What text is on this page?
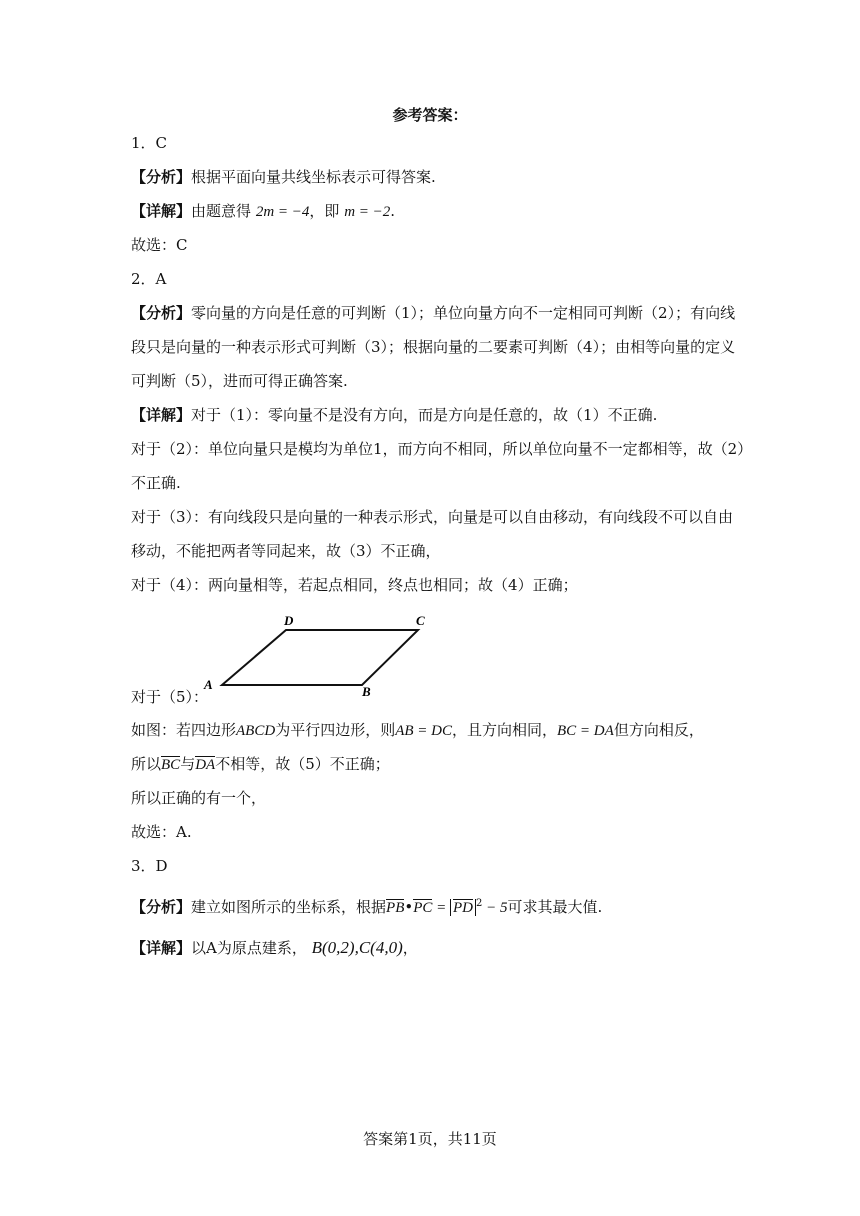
参考答案：
1．C
【分析】根据平面向量共线坐标表示可得答案.
【详解】由题意得 2m = −4，即 m = −2.
故选：C
2．A
【分析】零向量的方向是任意的可判断（1）；单位向量方向不一定相同可判断（2）；有向线
段只是向量的一种表示形式可判断（3）；根据向量的二要素可判断（4）；由相等向量的定义
可判断（5），进而可得正确答案.
【详解】对于（1）：零向量不是没有方向，而是方向是任意的，故（1）不正确.
对于（2）：单位向量只是模均为单位1，而方向不相同，所以单位向量不一定都相等，故（2）
不正确.
对于（3）：有向线段只是向量的一种表示形式，向量是可以自由移动，有向线段不可以自由
移动，不能把两者等同起来，故（3）不正确，
对于（4）：两向量相等，若起点相同，终点也相同；故（4）正确；
A	B
C
D
对于（5）：
如图：若四边形ABCD为平行四边形，则AB = DC，且方向相同，BC = DA但方向相反，
所以BC与DA不相等，故（5）不正确；
所以正确的有一个，
故选：A.
3．D
【分析】建立如图所示的坐标系，根据PB•PC = PD $^2$ − 5可求其最大值.
【详解】以A为原点建系， B(0,2),C(4,0)，
答案第1页，共11页
